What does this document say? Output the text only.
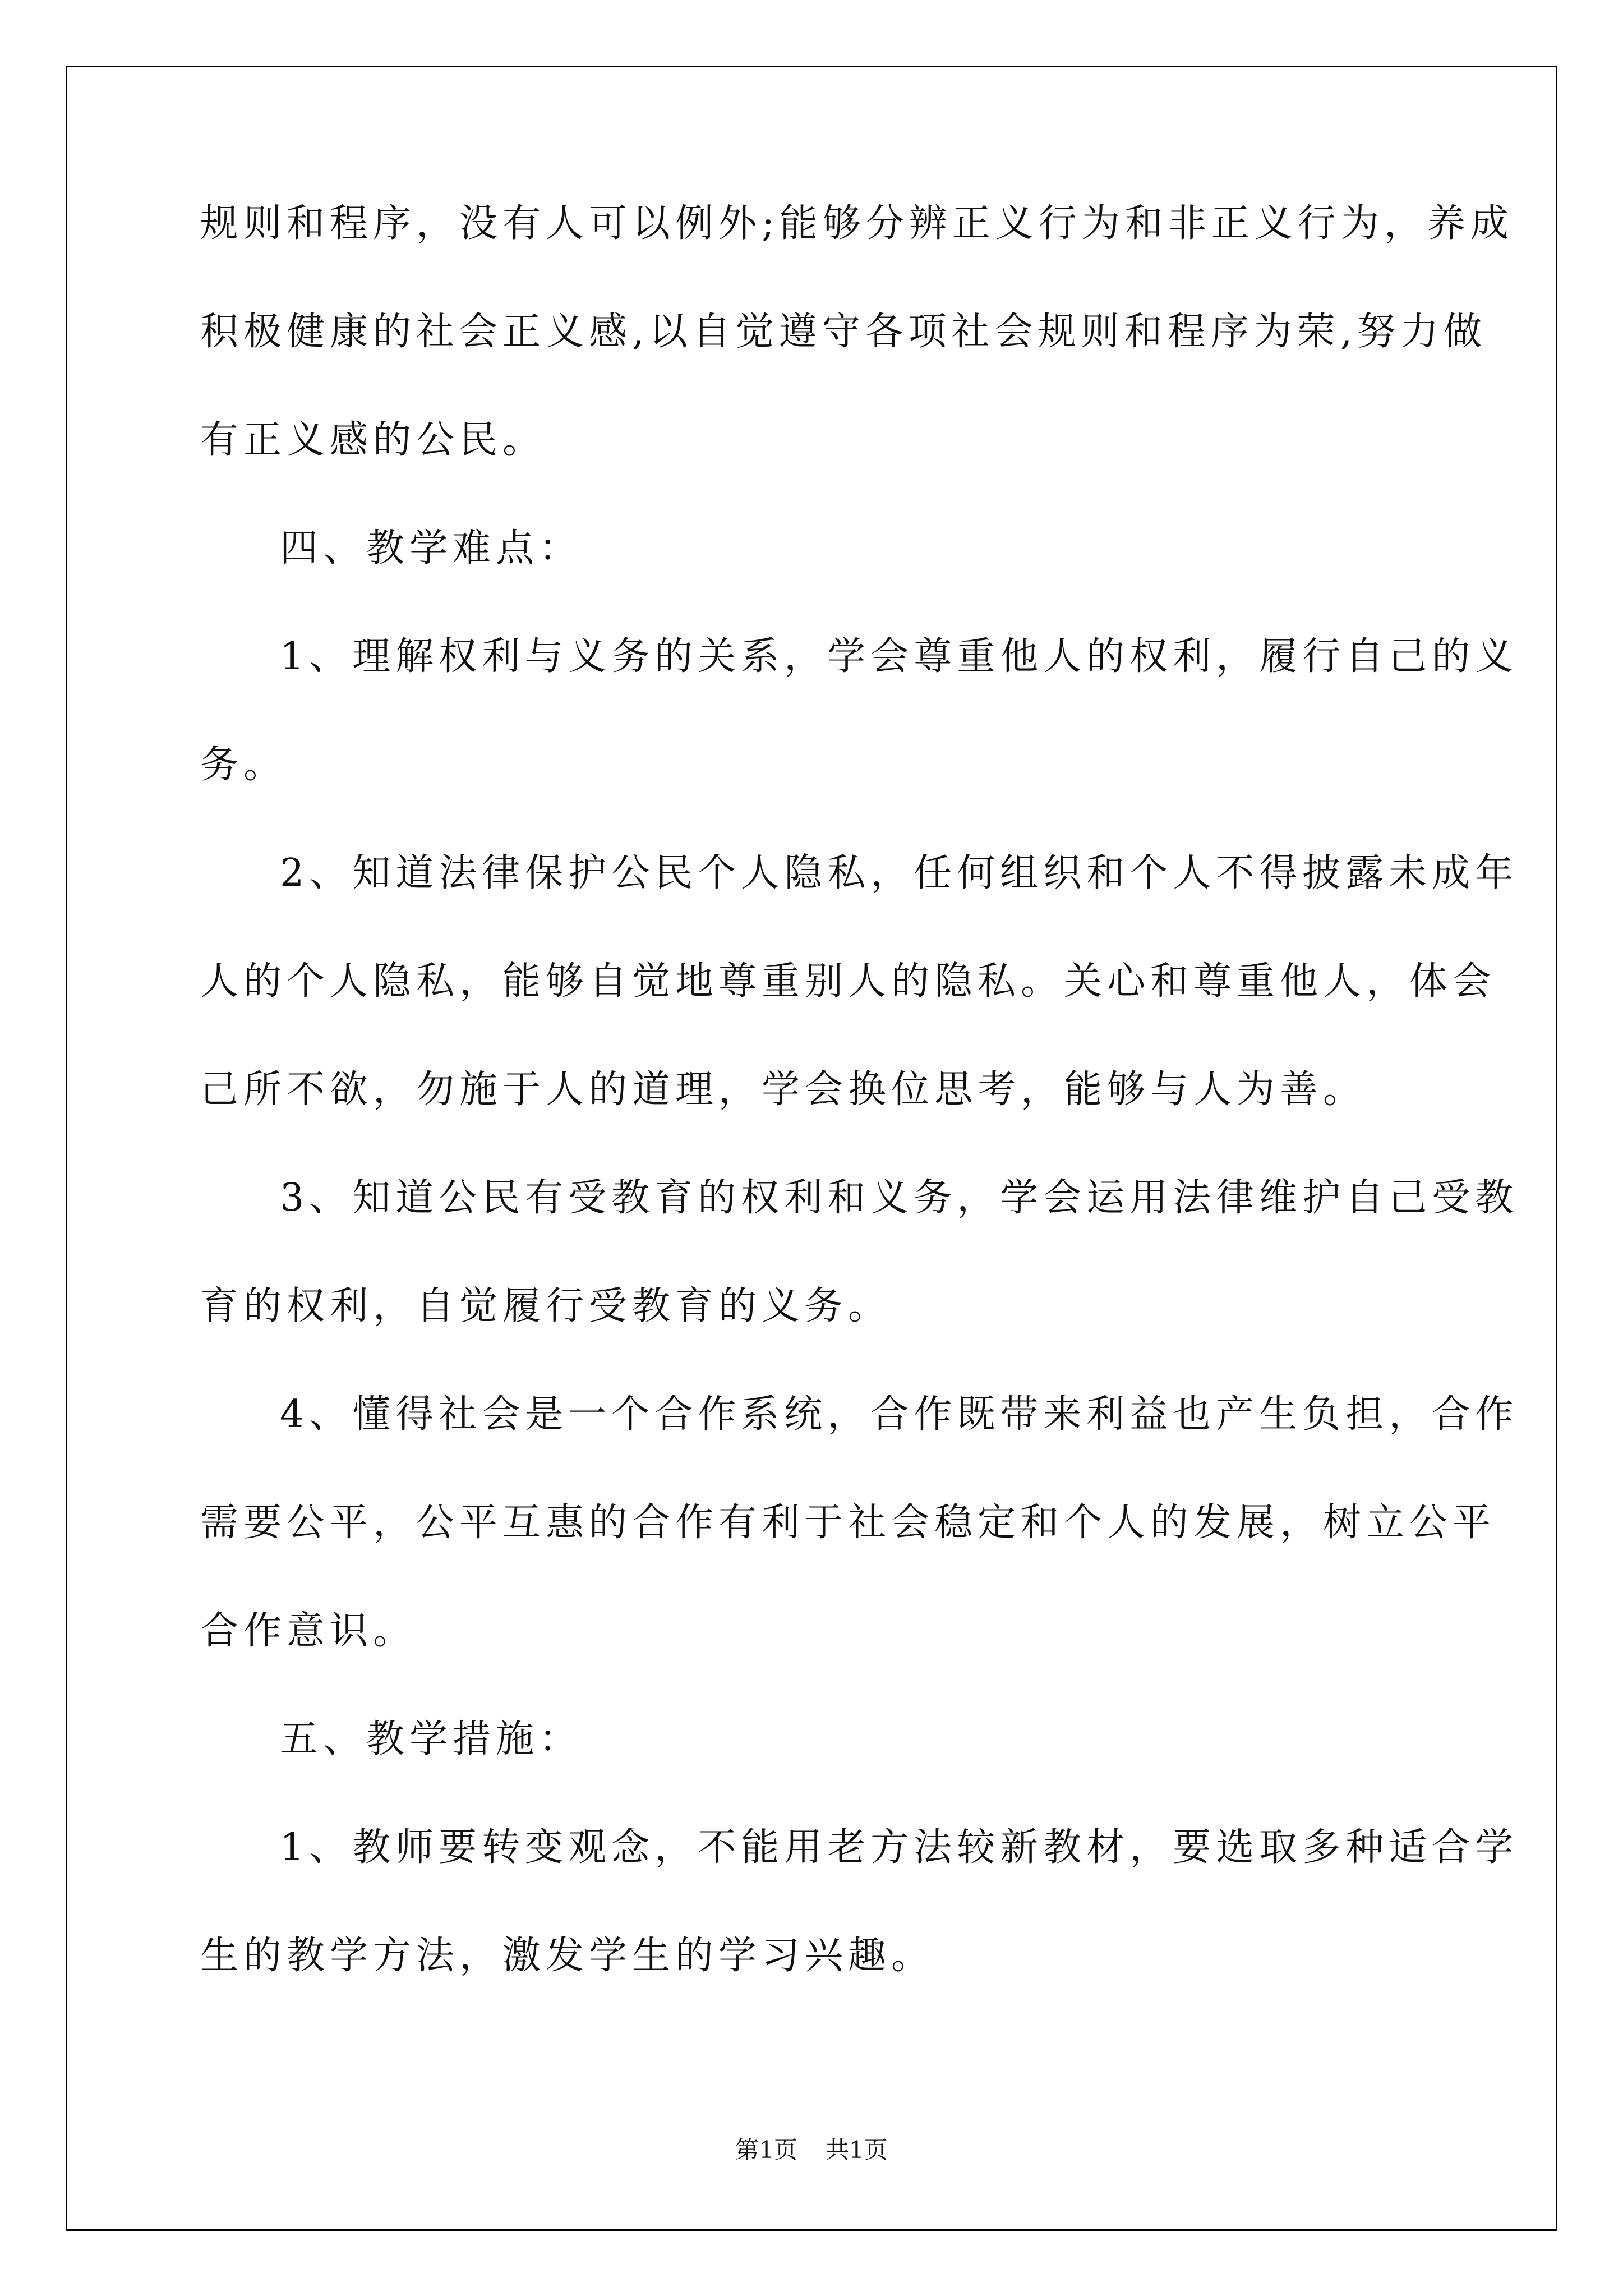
规则和程序，没有人可以例外;能够分辨正义行为和非正义行为，养成
积极健康的社会正义感,以自觉遵守各项社会规则和程序为荣,努力做
有正义感的公民。
四、教学难点：
1、理解权利与义务的关系，学会尊重他人的权利，履行自己的义
务。
2、知道法律保护公民个人隐私，任何组织和个人不得披露未成年
人的个人隐私，能够自觉地尊重别人的隐私。关心和尊重他人，体会
己所不欲，勿施于人的道理，学会换位思考，能够与人为善。
3、知道公民有受教育的权利和义务，学会运用法律维护自己受教
育的权利，自觉履行受教育的义务。
4、懂得社会是一个合作系统，合作既带来利益也产生负担，合作
需要公平，公平互惠的合作有利于社会稳定和个人的发展，树立公平
合作意识。
五、教学措施：
1、教师要转变观念，不能用老方法较新教材，要选取多种适合学
生的教学方法，激发学生的学习兴趣。
第1页 共1页
